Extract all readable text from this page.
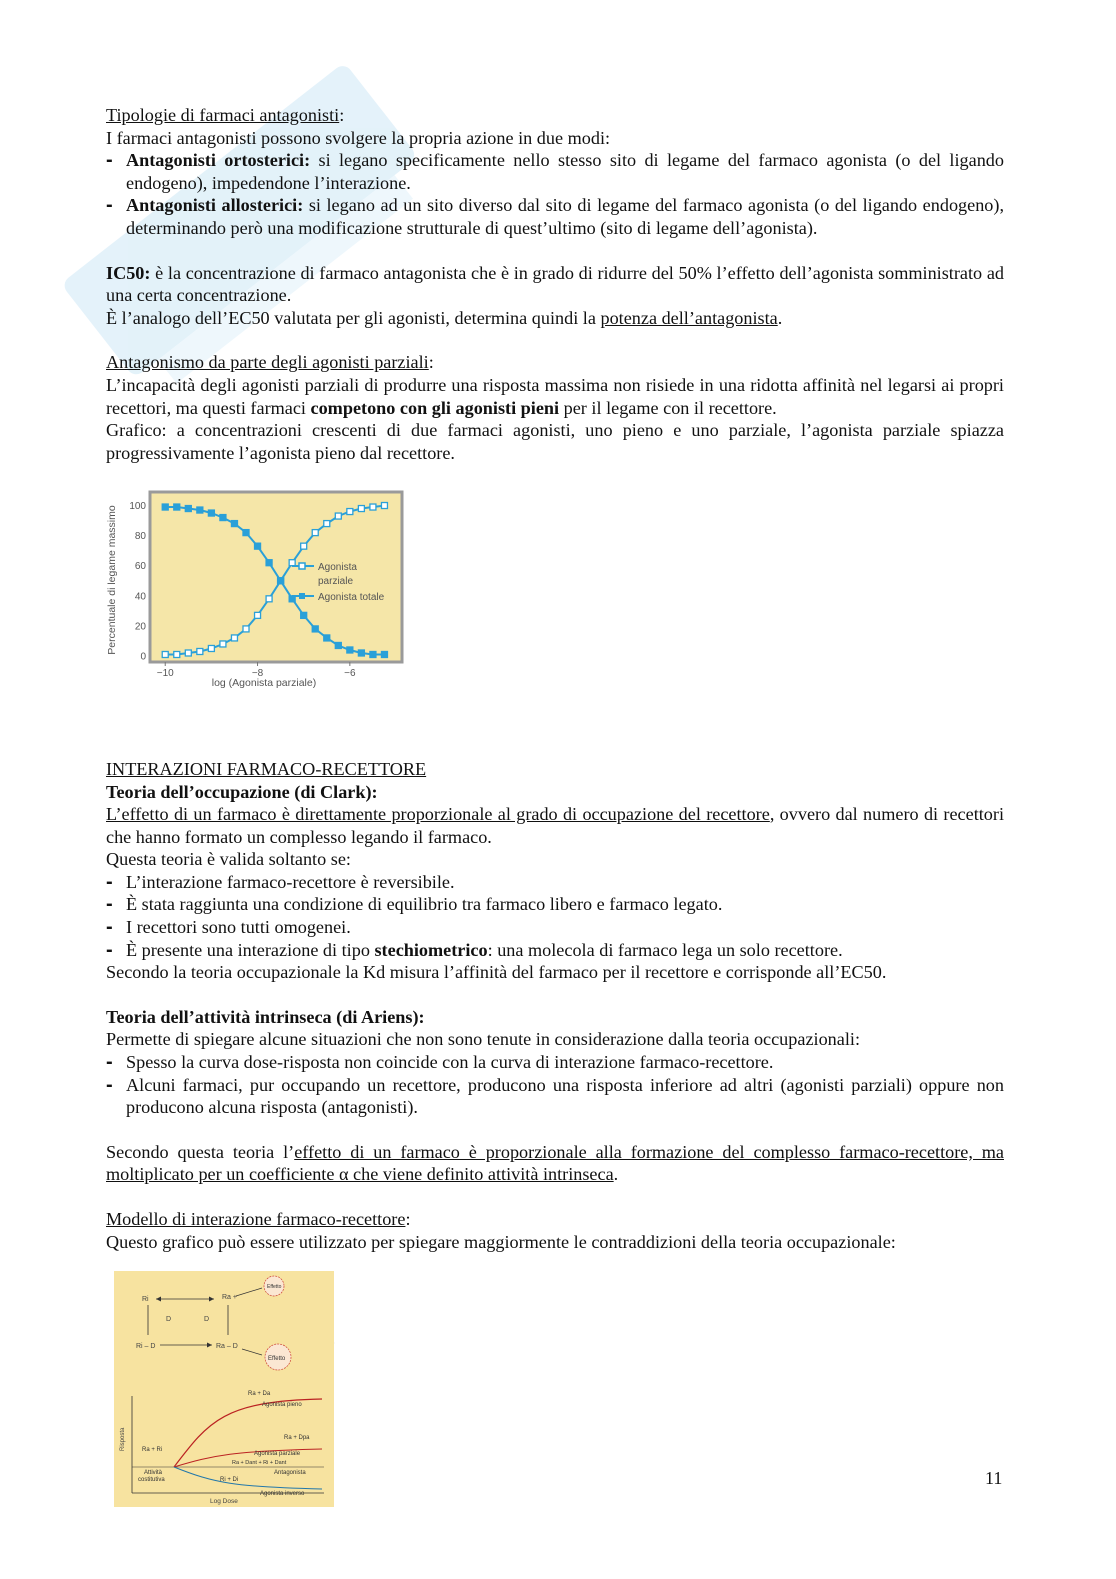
Tipologie di farmaci antagonisti:

I farmaci antagonisti possono svolgere la propria azione in due modi:

- Antagonisti ortosterici: si legano specificamente nello stesso sito di legame del farmaco agonista (o del ligando endogeno), impedendone l’interazione.
- Antagonisti allosterici: si legano ad un sito diverso dal sito di legame del farmaco agonista (o del ligando endogeno), determinando però una modificazione strutturale di quest’ultimo (sito di legame dell’agonista).

IC50: è la concentrazione di farmaco antagonista che è in grado di ridurre del 50% l’effetto dell’agonista somministrato ad una certa concentrazione.

È l’analogo dell’EC50 valutata per gli agonisti, determina quindi la potenza dell’antagonista.

Antagonismo da parte degli agonisti parziali:

L’incapacità degli agonisti parziali di produrre una risposta massima non risiede in una ridotta affinità nel legarsi ai propri recettori, ma questi farmaci competono con gli agonisti pieni per il legame con il recettore.

Grafico: a concentrazioni crescenti di due farmaci agonisti, uno pieno e uno parziale, l’agonista parziale spiazza progressivamente l’agonista pieno dal recettore.

0
20
40
60
80
100
−10	−8	−6
Agonista
parziale
Agonista totale
log (Agonista parziale)
Percentuale di legame massimo

INTERAZIONI FARMACO-RECETTORE

Teoria dell’occupazione (di Clark):

L’effetto di un farmaco è direttamente proporzionale al grado di occupazione del recettore, ovvero dal numero di recettori che hanno formato un complesso legando il farmaco.

Questa teoria è valida soltanto se:

- L’interazione farmaco-recettore è reversibile.
- È stata raggiunta una condizione di equilibrio tra farmaco libero e farmaco legato.
- I recettori sono tutti omogenei.
- È presente una interazione di tipo stechiometrico: una molecola di farmaco lega un solo recettore.

Secondo la teoria occupazionale la Kd misura l’affinità del farmaco per il recettore e corrisponde all’EC50.

Teoria dell’attività intrinseca (di Ariens):

Permette di spiegare alcune situazioni che non sono tenute in considerazione dalla teoria occupazionali:

- Spesso la curva dose-risposta non coincide con la curva di interazione farmaco-recettore.
- Alcuni farmaci, pur occupando un recettore, producono una risposta inferiore ad altri (agonisti parziali) oppure non producono alcuna risposta (antagonisti).

Secondo questa teoria l’effetto di un farmaco è proporzionale alla formazione del complesso farmaco-recettore, ma moltiplicato per un coefficiente α che viene definito attività intrinseca.

Modello di interazione farmaco-recettore:

Questo grafico può essere utilizzato per spiegare maggiormente le contraddizioni della teoria occupazionale:

Ri	Ra +
Effetto
D	D
Ri – D	Ra – D
Effetto
Risposta
Log Dose
Ra + Da
Agonista pieno
Ra + Dpa
Agonista parziale
Ra + Dant + Ri + Dant
Antagonista
Ra + Ri
Attività
costitutiva	Ri + Di
Agonista inverso
11
